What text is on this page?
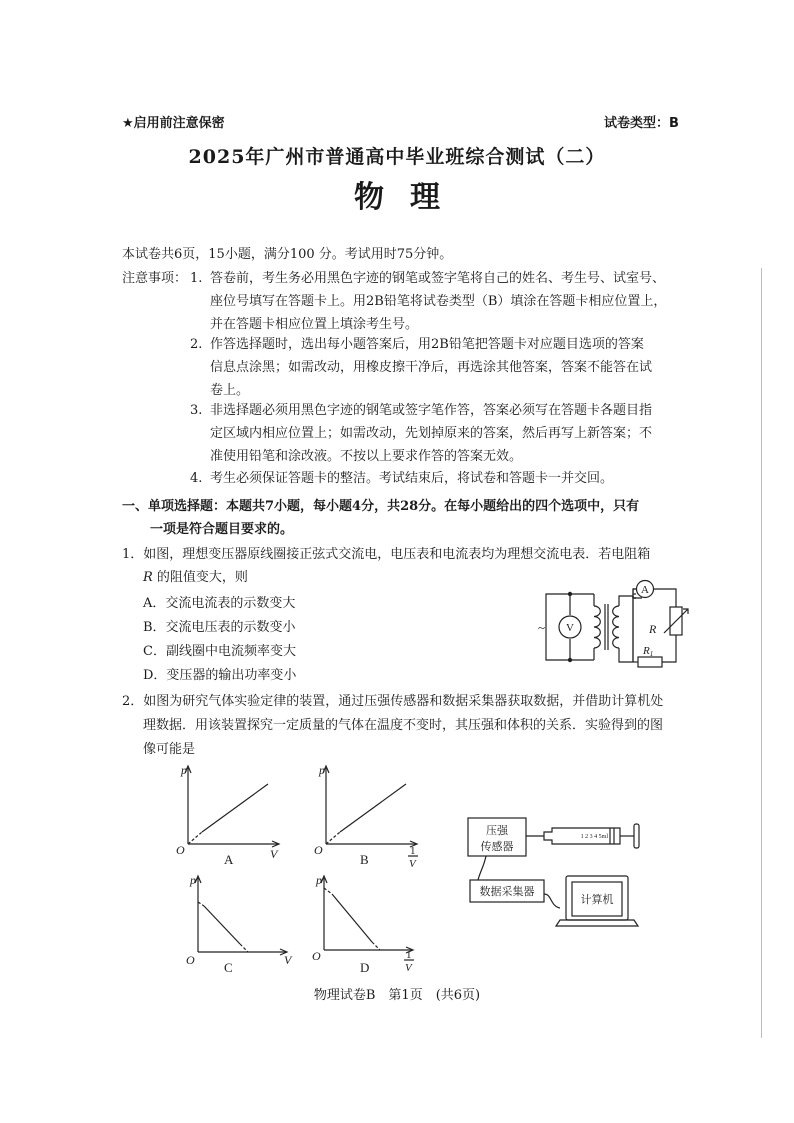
★启用前注意保密	试卷类型：B
2025年广州市普通高中毕业班综合测试（二）
物理
本试卷共6页，15小题，满分100 分。考试用时75分钟。
注意事项： 1. 答卷前，考生务必用黑色字迹的钢笔或签字笔将自己的姓名、考生号、试室号、
座位号填写在答题卡上。用2B铅笔将试卷类型（B）填涂在答题卡相应位置上，
并在答题卡相应位置上填涂考生号。
2. 作答选择题时，选出每小题答案后，用2B铅笔把答题卡对应题目选项的答案
信息点涂黑；如需改动，用橡皮擦干净后，再选涂其他答案，答案不能答在试
卷上。
3. 非选择题必须用黑色字迹的钢笔或签字笔作答，答案必须写在答题卡各题目指
定区域内相应位置上；如需改动，先划掉原来的答案，然后再写上新答案；不
准使用铅笔和涂改液。不按以上要求作答的答案无效。
4. 考生必须保证答题卡的整洁。考试结束后，将试卷和答题卡一并交回。
一、单项选择题：本题共7小题，每小题4分，共28分。在每小题给出的四个选项中，只有
一项是符合题目要求的。
1．如图，理想变压器原线圈接正弦式交流电，电压表和电流表均为理想交流电表．若电阻箱
R 的阻值变大，则
A．交流电流表的示数变大
B．交流电压表的示数变小
C．副线圈中电流频率变大
D．变压器的输出功率变小
A
R
R1
~ V
2．如图为研究气体实验定律的装置，通过压强传感器和数据采集器获取数据，并借助计算机处
理数据．用该装置探究一定质量的气体在温度不变时，其压强和体积的关系．实验得到的图
像可能是
p
O	V
A
p
O	1
V
B
p
O	V
C
p
O	1
V
D
1 2 3 4 5ml
压强
传感器
数据采集器
计算机
物理试卷B　第1页　(共6页)
